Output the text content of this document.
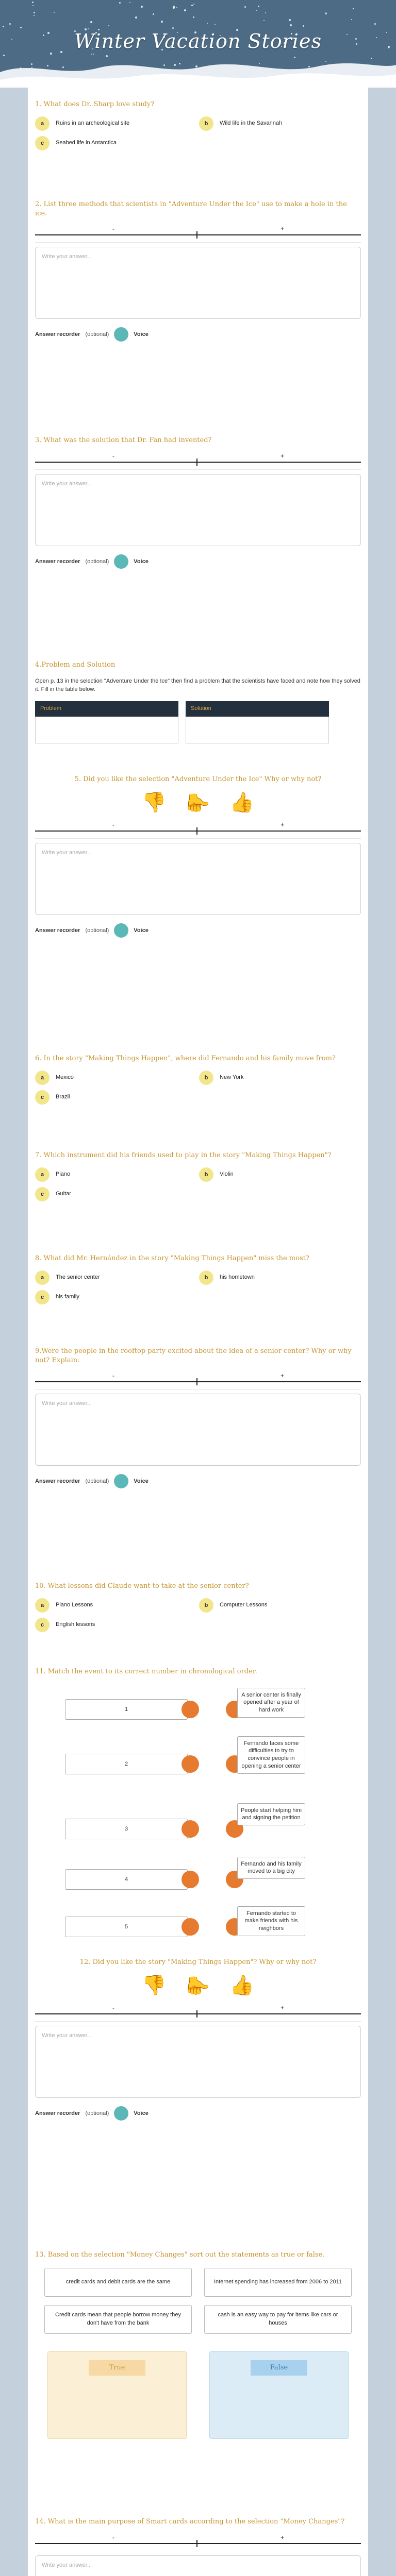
Winter Vacation Stories
1. What does Dr. Sharp love study?
a	Ruins in an archeological site	b	Wild life in the Savannah
c	Seabed life in Antarctica
2. List three methods that scientists in "Adventure Under the Ice" use to make a hole in the ice.
-	+
Write your answer...
Answer recorder (optional)	Voice
3. What was the solution that Dr. Fan had invented?
-	+
Write your answer...
Answer recorder (optional)	Voice
4.Problem and Solution
Open p. 13 in the selection "Adventure Under the Ice" then find a problem that the scientists have faced and note how they solved it. Fill in the table below.
Problem	Solution
5. Did you like the selection "Adventure Under the Ice" Why or why not?
👎 👍 👍
-	+
Write your answer...
Answer recorder (optional)	Voice
6. In the story "Making Things Happen", where did Fernando and his family move from?
a	Mexico	b	New York
c	Brazil
7. Which instrument did his friends used to play in the story "Making Things Happen"?
a	Piano	b	Violin
c	Guitar
8. What did Mr. Hernández in the story "Making Things Happen" miss the most?
a	The senior center	b	his hometown
c	his family
9.Were the people in the rooftop party excited about the idea of a senior center? Why or why not? Explain.
-	+
Write your answer...
Answer recorder (optional)	Voice
10. What lessons did Claude want to take at the senior center?
a	Piano Lessons	b	Computer Lessons
c	English lessons
11. Match the event to its correct number in chronological order.
1
A senior center is finally opened after a year of hard work
2
Fernando faces some difficulties to try to convince people in opening a senior center
3
People start helping him and signing the petition
4
Fernando and his family moved to a big city
5
Fernando started to make friends with his neighbors
12. Did you like the story "Making Things Happen"? Why or why not?
👎 👍 👍
-	+
Write your answer...
Answer recorder (optional)	Voice
13. Based on the selection "Money Changes" sort out the statements as true or false.
credit cards and debit cards are the same	Internet spending has increased from 2006 to 2011
Credit cards mean that people borrow money they don't have from the bank
cash is an easy way to pay for items like cars or houses
True	False
14. What is the main purpose of Smart cards according to the selection "Money Changes"?
-	+
Write your answer...
